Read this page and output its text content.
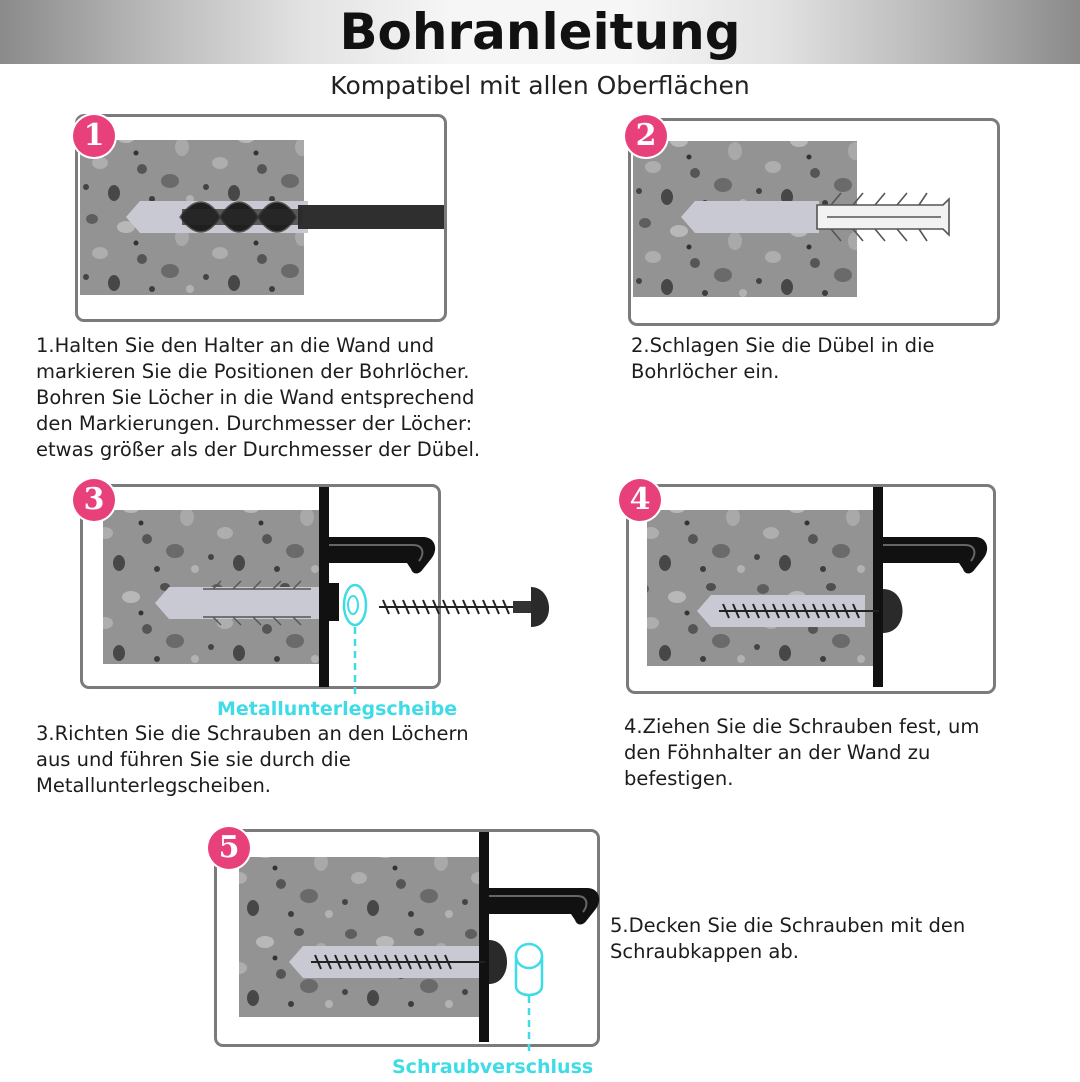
Bohranleitung
Kompatibel mit allen Oberflächen
1

1.Halten Sie den Halter an die Wand und markieren Sie die Positionen der Bohrlöcher. Bohren Sie Löcher in die Wand entsprechend den Markierungen. Durchmesser der Löcher: etwas größer als der Durchmesser der Dübel.

2

2.Schlagen Sie die Dübel in die Bohrlöcher ein.

3
Metallunterlegscheibe

3.Richten Sie die Schrauben an den Löchern aus und führen Sie sie durch die Metallunterlegscheiben.

4

4.Ziehen Sie die Schrauben fest, um den Föhnhalter an der Wand zu befestigen.

5
Schraubverschluss

5.Decken Sie die Schrauben mit den Schraubkappen ab.
